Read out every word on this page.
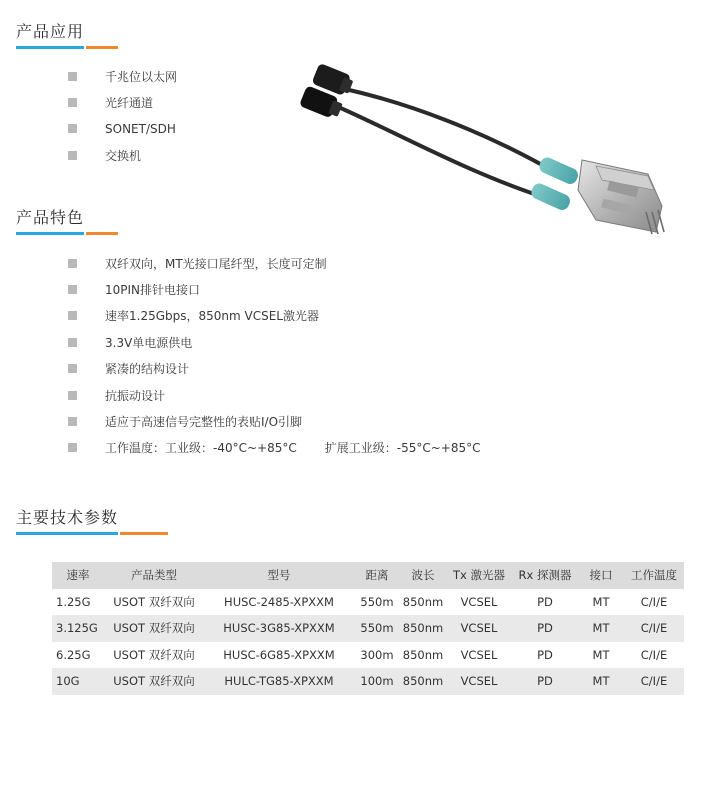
产品应用
千兆位以太网
光纤通道
SONET/SDH
交换机
产品特色
双纤双向，MT光接口尾纤型，长度可定制
10PIN排针电接口
速率1.25Gbps，850nm VCSEL激光器
3.3V单电源供电
紧凑的结构设计
抗振动设计
适应于高速信号完整性的表贴I/O引脚
工作温度：工业级：-40°C~+85°C 扩展工业级：-55°C~+85°C
主要技术参数
速率	产品类型	型号	距离	波长	Tx 激光器	Rx 探测器	接口	工作温度
1.25G	USOT 双纤双向	HUSC-2485-XPXXM	550m	850nm	VCSEL	PD	MT	C/I/E
3.125G	USOT 双纤双向	HUSC-3G85-XPXXM	550m	850nm	VCSEL	PD	MT	C/I/E
6.25G	USOT 双纤双向	HUSC-6G85-XPXXM	300m	850nm	VCSEL	PD	MT	C/I/E
10G	USOT 双纤双向	HULC-TG85-XPXXM	100m	850nm	VCSEL	PD	MT	C/I/E
